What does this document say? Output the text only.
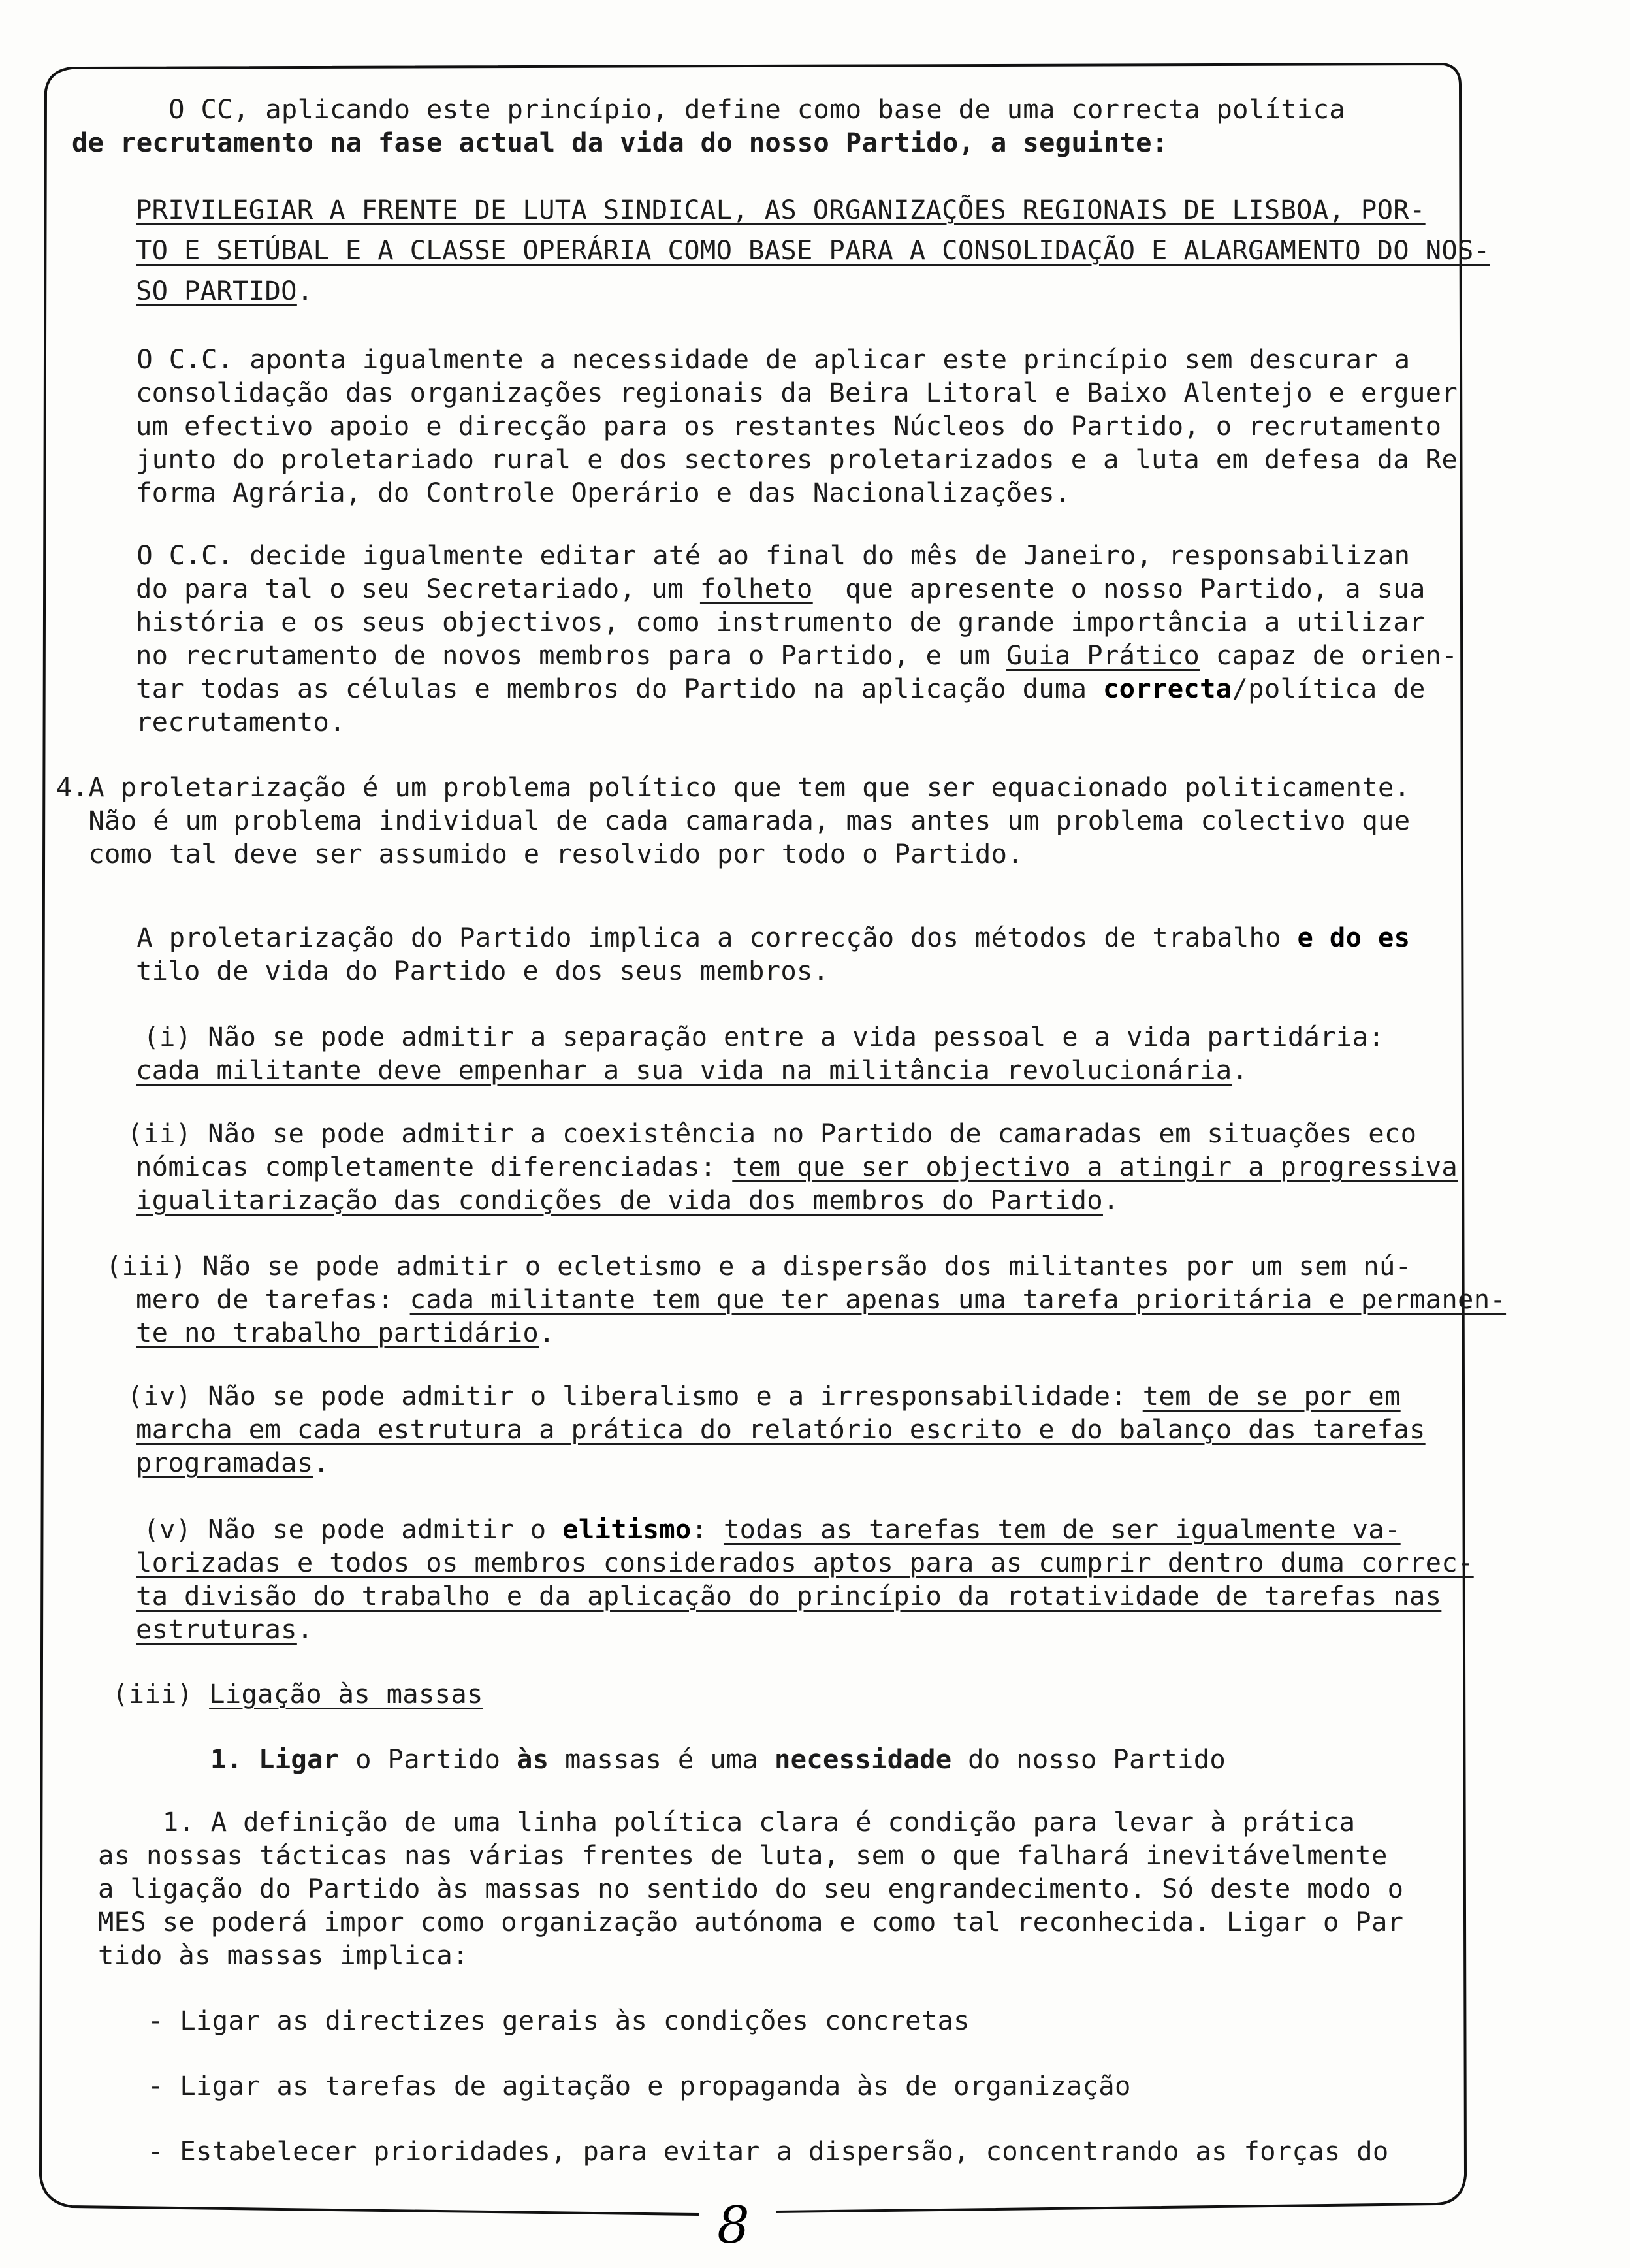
O CC, aplicando este princípio, define como base de uma correcta política
de recrutamento na fase actual da vida do nosso Partido, a seguinte:
PRIVILEGIAR A FRENTE DE LUTA SINDICAL, AS ORGANIZAÇÕES REGIONAIS DE LISBOA, POR-
TO E SETÚBAL E A CLASSE OPERÁRIA COMO BASE PARA A CONSOLIDAÇÃO E ALARGAMENTO DO NOS-
SO PARTIDO.
O C.C. aponta igualmente a necessidade de aplicar este princípio sem descurar a
consolidação das organizações regionais da Beira Litoral e Baixo Alentejo e erguer
um efectivo apoio e direcção para os restantes Núcleos do Partido, o recrutamento
junto do proletariado rural e dos sectores proletarizados e a luta em defesa da Re
forma Agrária, do Controle Operário e das Nacionalizações.
O C.C. decide igualmente editar até ao final do mês de Janeiro, responsabilizan
do para tal o seu Secretariado, um folheto  que apresente o nosso Partido, a sua
história e os seus objectivos, como instrumento de grande importância a utilizar
no recrutamento de novos membros para o Partido, e um Guia Prático capaz de orien-
tar todas as células e membros do Partido na aplicação duma correcta/política de
recrutamento.
4.A proletarização é um problema político que tem que ser equacionado politicamente.
Não é um problema individual de cada camarada, mas antes um problema colectivo que
como tal deve ser assumido e resolvido por todo o Partido.
A proletarização do Partido implica a correcção dos métodos de trabalho e do es
tilo de vida do Partido e dos seus membros.
(i) Não se pode admitir a separação entre a vida pessoal e a vida partidária:
cada militante deve empenhar a sua vida na militância revolucionária.
(ii) Não se pode admitir a coexistência no Partido de camaradas em situações eco
nómicas completamente diferenciadas: tem que ser objectivo a atingir a progressiva
igualitarização das condições de vida dos membros do Partido.
(iii) Não se pode admitir o ecletismo e a dispersão dos militantes por um sem nú-
mero de tarefas: cada militante tem que ter apenas uma tarefa prioritária e permanen-
te no trabalho partidário.
(iv) Não se pode admitir o liberalismo e a irresponsabilidade: tem de se por em
marcha em cada estrutura a prática do relatório escrito e do balanço das tarefas
programadas.
(v) Não se pode admitir o elitismo: todas as tarefas tem de ser igualmente va-
lorizadas e todos os membros considerados aptos para as cumprir dentro duma correc-
ta divisão do trabalho e da aplicação do princípio da rotatividade de tarefas nas
estruturas.
(iii) Ligação às massas
1. Ligar o Partido às massas é uma necessidade do nosso Partido
1. A definição de uma linha política clara é condição para levar à prática
as nossas tácticas nas várias frentes de luta, sem o que falhará inevitávelmente
a ligação do Partido às massas no sentido do seu engrandecimento. Só deste modo o
MES se poderá impor como organização autónoma e como tal reconhecida. Ligar o Par
tido às massas implica:
- Ligar as directizes gerais às condições concretas
- Ligar as tarefas de agitação e propaganda às de organização
- Estabelecer prioridades, para evitar a dispersão, concentrando as forças do
8
